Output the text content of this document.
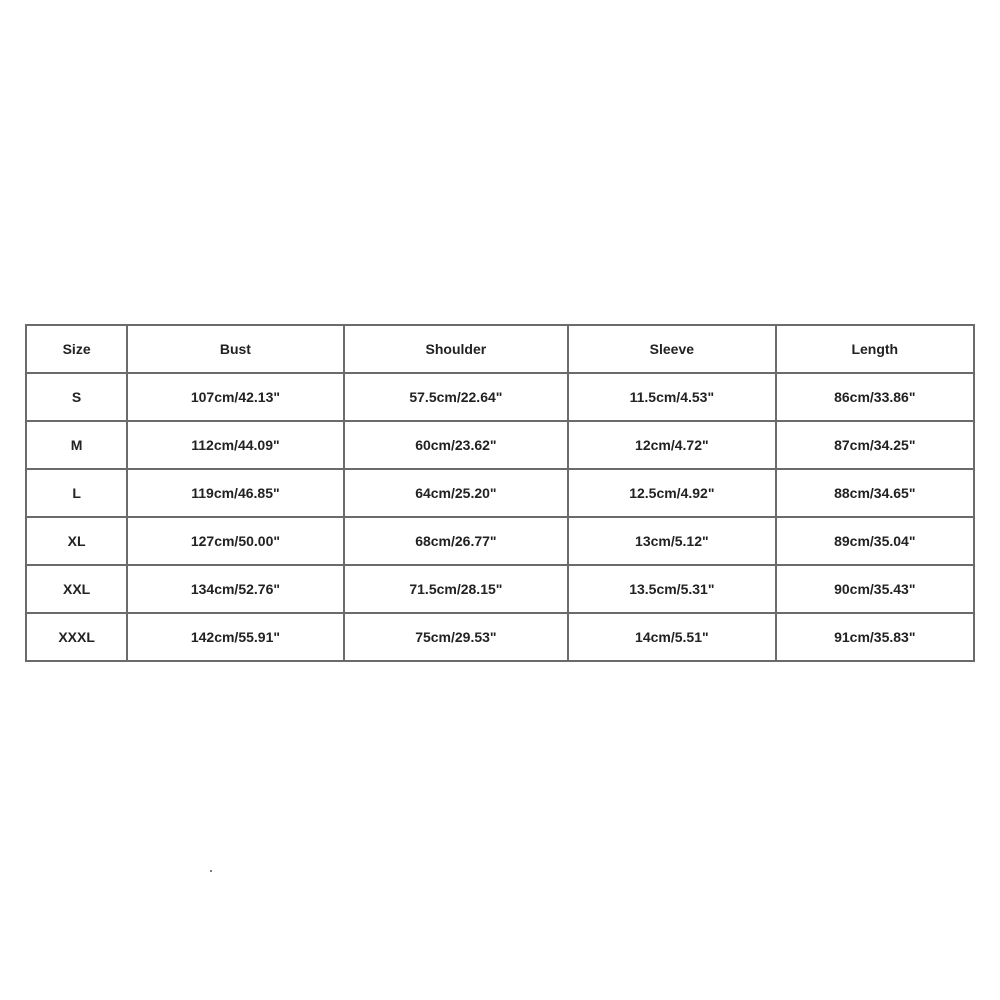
Size	Bust	Shoulder	Sleeve	Length
S	107cm/42.13"	57.5cm/22.64"	11.5cm/4.53"	86cm/33.86"
M	112cm/44.09"	60cm/23.62"	12cm/4.72"	87cm/34.25"
L	119cm/46.85"	64cm/25.20"	12.5cm/4.92"	88cm/34.65"
XL	127cm/50.00"	68cm/26.77"	13cm/5.12"	89cm/35.04"
XXL	134cm/52.76"	71.5cm/28.15"	13.5cm/5.31"	90cm/35.43"
XXXL	142cm/55.91"	75cm/29.53"	14cm/5.51"	91cm/35.83"
